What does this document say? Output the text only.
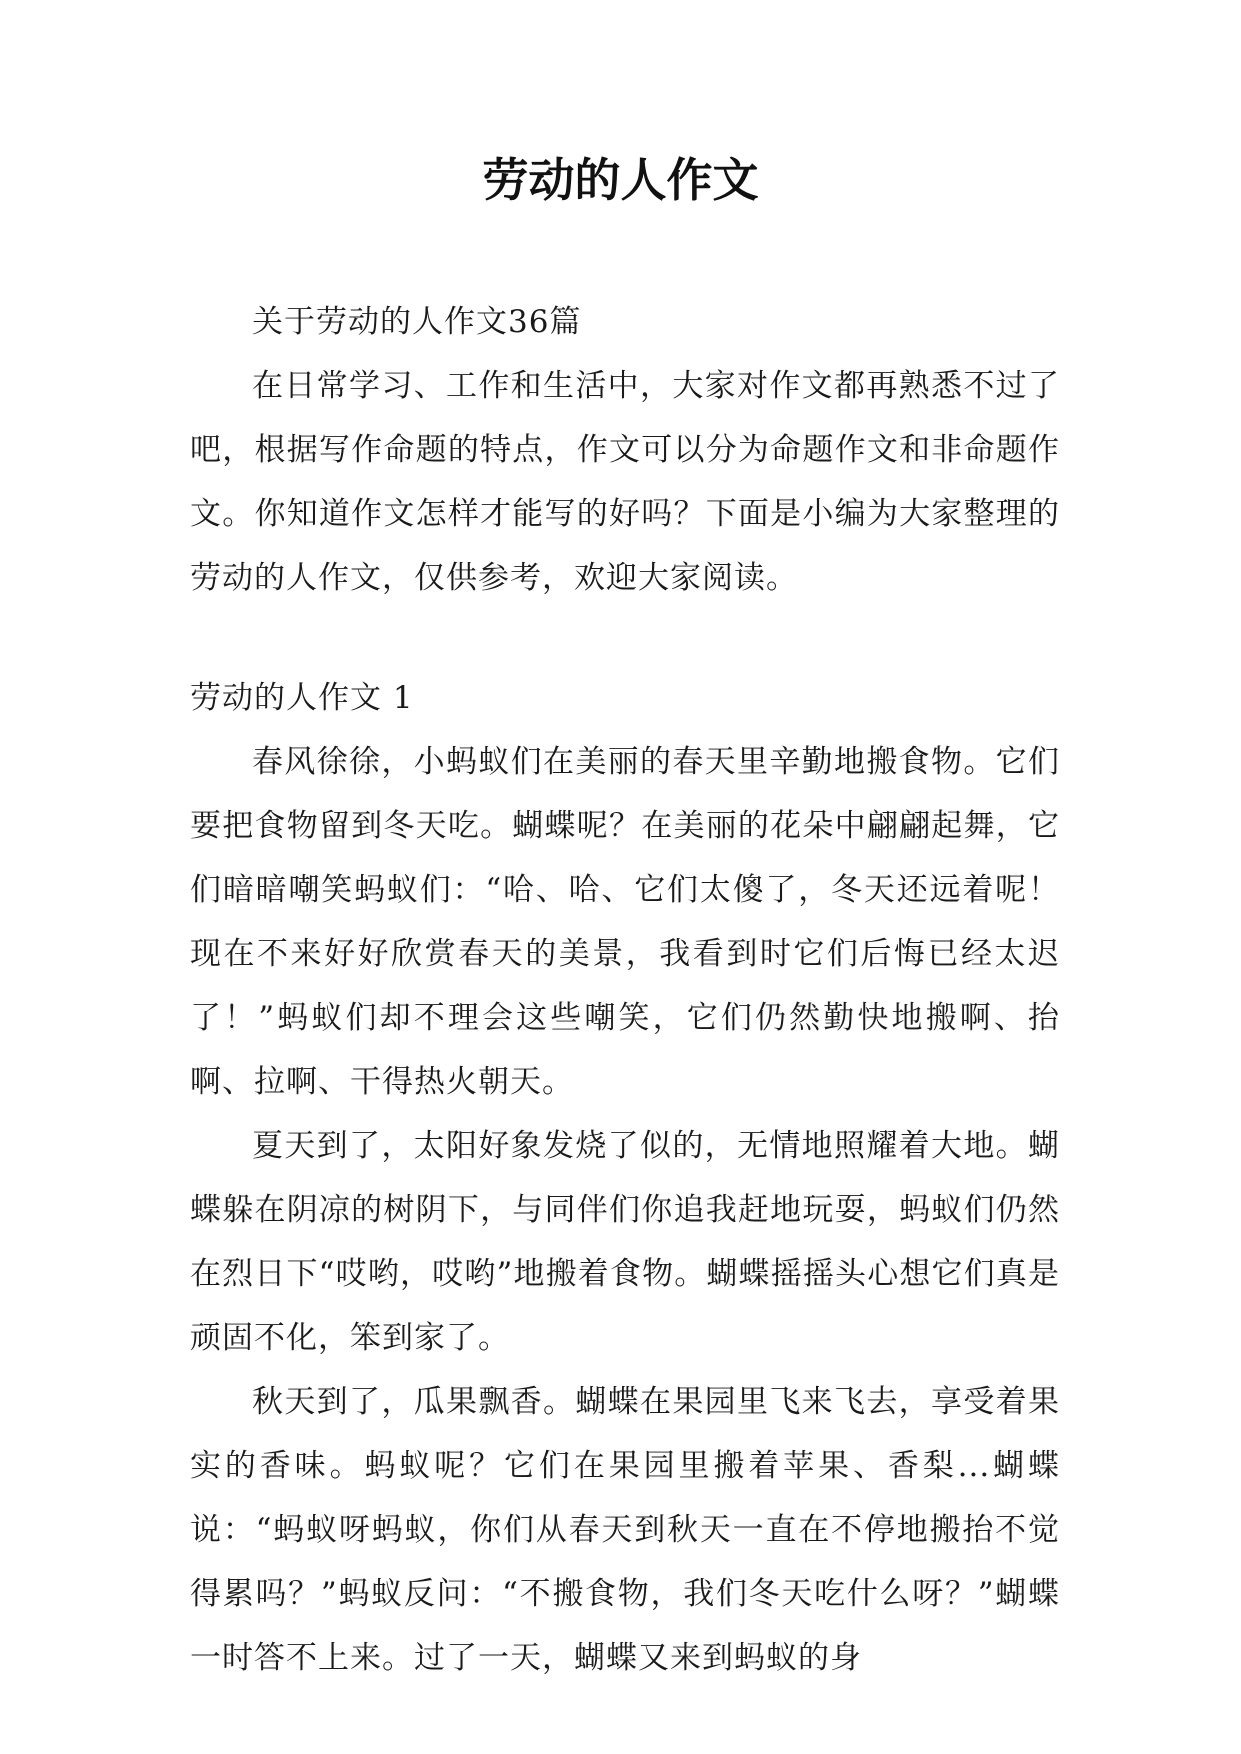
劳动的人作文

关于劳动的人作文36篇

在日常学习、工作和生活中，大家对作文都再熟悉不过了吧，根据写作命题的特点，作文可以分为命题作文和非命题作文。你知道作文怎样才能写的好吗？下面是小编为大家整理的劳动的人作文，仅供参考，欢迎大家阅读。

劳动的人作文 1

春风徐徐，小蚂蚁们在美丽的春天里辛勤地搬食物。它们要把食物留到冬天吃。蝴蝶呢？在美丽的花朵中翩翩起舞，它们暗暗嘲笑蚂蚁们：“哈、哈、它们太傻了，冬天还远着呢！现在不来好好欣赏春天的美景，我看到时它们后悔已经太迟了！”蚂蚁们却不理会这些嘲笑，它们仍然勤快地搬啊、抬啊、拉啊、干得热火朝天。

夏天到了，太阳好象发烧了似的，无情地照耀着大地。蝴蝶躲在阴凉的树阴下，与同伴们你追我赶地玩耍，蚂蚁们仍然在烈日下“哎哟，哎哟”地搬着食物。蝴蝶摇摇头心想它们真是顽固不化，笨到家了。

秋天到了，瓜果飘香。蝴蝶在果园里飞来飞去，享受着果实的香味。蚂蚁呢？它们在果园里搬着苹果、香梨...蝴蝶说：“蚂蚁呀蚂蚁，你们从春天到秋天一直在不停地搬抬不觉得累吗？”蚂蚁反问：“不搬食物，我们冬天吃什么呀？”蝴蝶一时答不上来。过了一天，蝴蝶又来到蚂蚁的身
